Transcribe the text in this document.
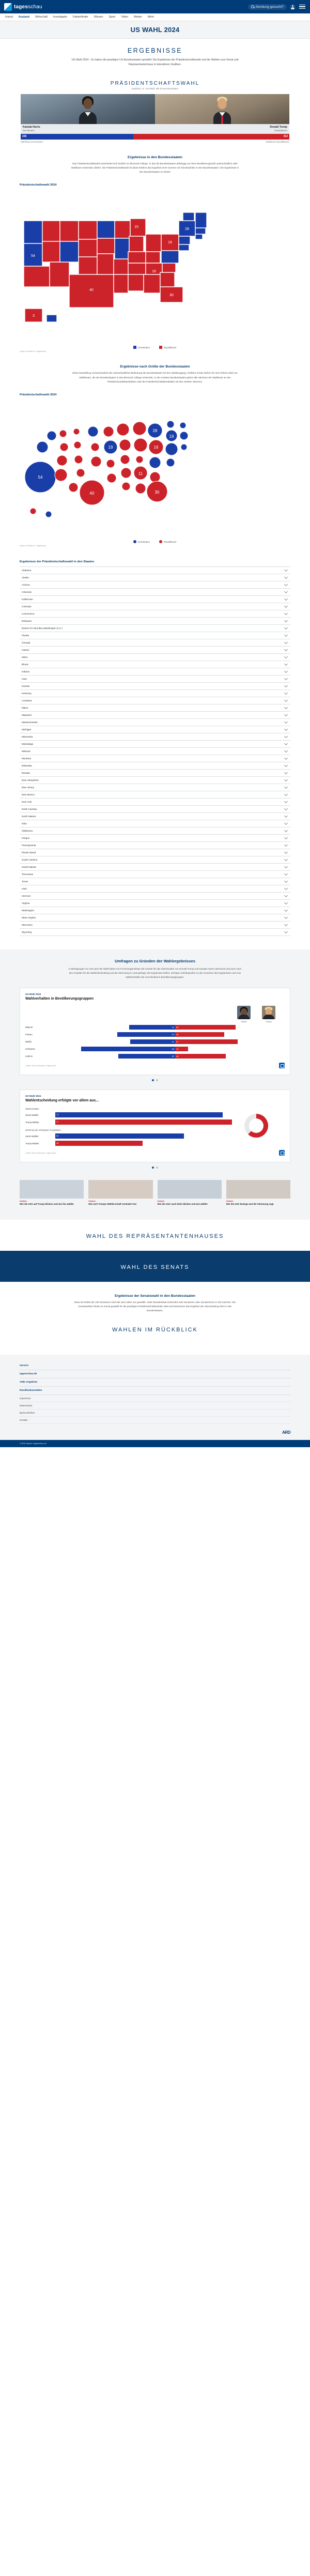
tagesschau	Sendung gesucht?
Inland Ausland Wirtschaft Investigativ Faktenfinder Wissen Sport Video Wetter Mehr
US WAHL 2024
ERGEBNISSE

US-Wahl 2024 - So haben die jeweiligen US-Bundesstaaten gewählt: Die Ergebnisse der Präsidentschaftswahl und der Wahlen zum Senat und Repräsentantenhaus in interaktiven Grafiken.

PRÄSIDENTSCHAFTSWAHL
Ergebnis, 47. US-Wahl, alle 50 Bundesstaaten
Kamala Harris
Demokraten
Donald Trump
Republikaner
226	312
Wahlleute Demokraten	Wahlleute Republikaner
Ergebnisse in den Bundesstaaten
Das Präsidentschaftswahl entscheidet sich letztlich im Electoral College. In das die Bundesstaaten abhängig von ihrer Bevölkerungszahl unterschiedlich viele Wahlleute entsenden dürfen. Die Präsidentschaftswahl ist damit letztlich das Ergebnis einer Summe von Einzelwahlen in den Bundesstaaten. Die Ergebnisse in den Bundesstaaten im Detail:
Präsidentschaftswahl 2024
54
40
30
28
19
15
16
3
Demokraten	Republikaner
Quelle: AP/Wahl.io / tagesschau
Ergebnisse nach Größe der Bundesstaaten
Diese Darstellung veranschaulicht die unterschiedliche Bedeutung der Bundesstaaten für den Wahlausgang. Größere Kreise stehen für eine höhere Zahl von Wahlleuten, die der Bundesstaaten in das Electoral College entsendet. In den meisten Bundesstaaten gehen alle Stimmen der Wahlleute an den Präsidentschaftskandidaten oder die Präsidentschaftskandidatin mit den meisten Stimmen.
Präsidentschaftswahl 2024
54
40	30
28
19
19	16
11
Demokraten	Republikaner
Quelle: AP/Wahl.io / tagesschau
Ergebnisse der Präsidentschaftswahl in den Staaten
Alabama
Alaska
Arizona
Arkansas
Kalifornien
Colorado
Connecticut
Delaware
District of Columbia (Washington D.C.)
Florida
Georgia
Hawaii
Idaho
Illinois
Indiana
Iowa
Kansas
Kentucky
Louisiana
Maine
Maryland
Massachusetts
Michigan
Minnesota
Mississippi
Missouri
Montana
Nebraska
Nevada
New Hampshire
New Jersey
New Mexico
New York
North Carolina
North Dakota
Ohio
Oklahoma
Oregon
Pennsylvania
Rhode Island
South Carolina
South Dakota
Tennessee
Texas
Utah
Vermont
Virginia
Washington
West Virginia
Wisconsin
Wyoming
Umfragen zu Gründen der Wahlergebnisses
In Befragungen vor und nach der Wahl haben US-Forschungsinstitute die Gründe für das Abschneiden von Donald Trump und Kamala Harris untersucht und auch nach den Gründen für die Wahlentscheidung und die Stimmung im Land gefragt. Die Ergebnisse helfen, wichtige Antriebspunkte zu den Ursachen des Ergebnisses und zum Wahlverhalten der verschiedenen Bevölkerungsgruppen.
US-Wahl 2024
Wahlverhalten in Bevölkerungsgruppen
Harris	Trump
Männer	42 55
Frauen	53 45
Weiße	41 57
Schwarze	86 12
Latinos	52 46
Quelle: Edison Research / tagesschau
US-Wahl 2024
Wahlentscheidung erfolgte vor allem aus...
Wahlverhalten
Harris-Wähler	73
Trump-Wähler	77
Wichtung der wichtigsten Kandidaten
Harris-Wähler	56
Trump-Wähler	38
Quelle: Edison Research / tagesschau
Analyse
Wie die USA auf Trump blicken und wie ihn wählte
Analyse
Wie sich Trumps Wählerschaft verändert hat
Analyse
Wie die USA nach links blicken und wie wählte
Analyse
Wie die USA bewegt und die Stimmung sagt
WAHL DES REPRÄSENTANTENHAUSES
WAHL DES SENATS
Ergebnisse der Senatswahl in den Bundesstaaten
Etwa ein Drittel der 100 Senatoren wird alle zwei Jahre neu gewählt. Jeder Bundesstaat entsendet zwei Senatoren oder Senatorinnen in die Kammer. Die Senatswahlen finden im Senat gewählt für die jeweiligen Präsidentschaftswahlen statt und bestimmen das Ergebnis der Sitzverteilung 2024 in den Bundesstaaten.
WAHLEN IM RÜCKBLICK
Service
tagesschau.de
ARD-Angebote
Rundfunkanstalten
Impressum
Datenschutz
Barrierefreiheit
Kontakt
ARD
© ARD-aktuell / tagesschau.de
